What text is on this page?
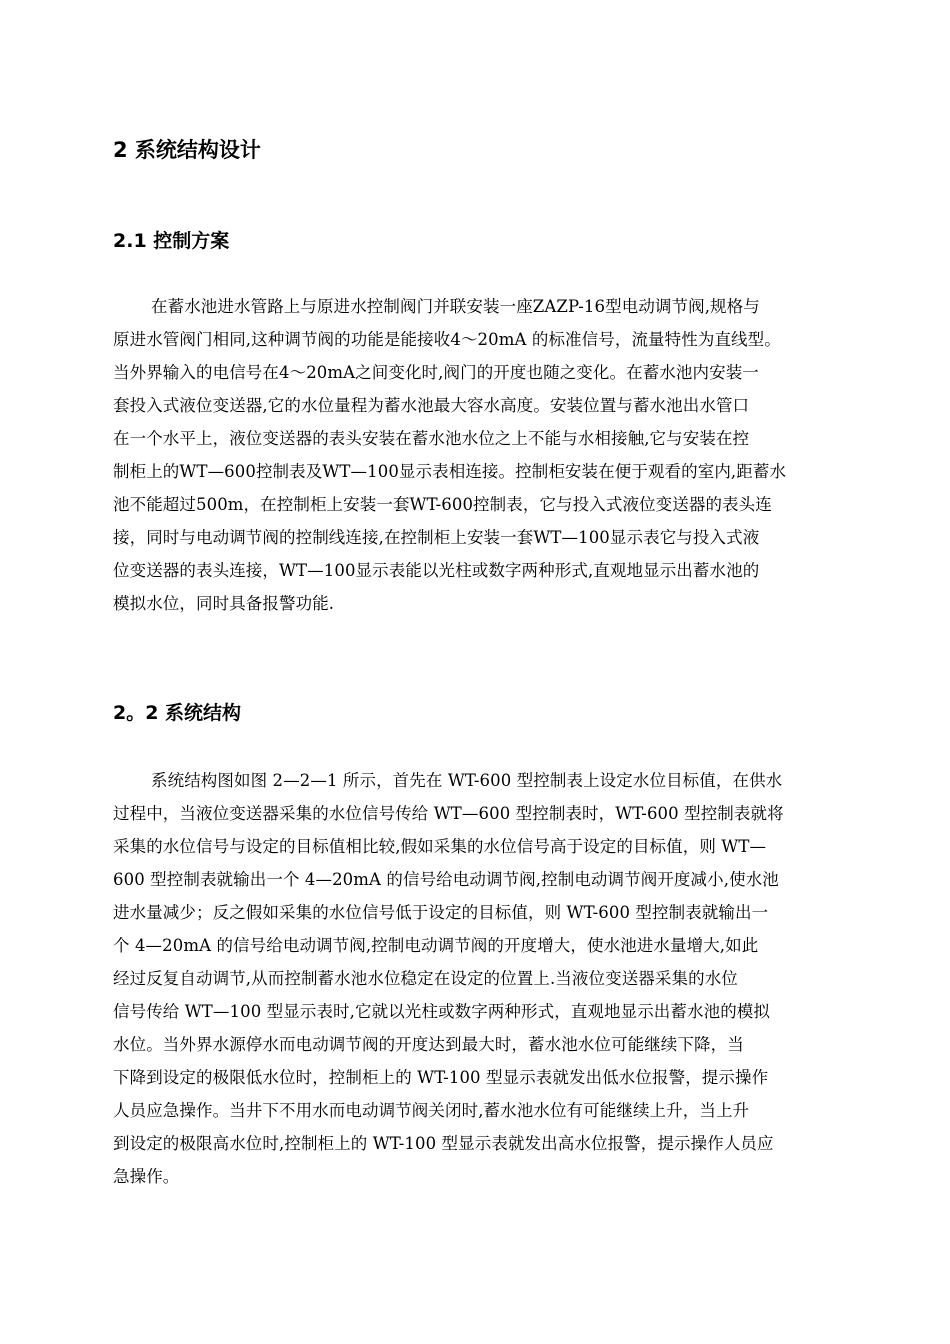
2 系统结构设计
2.1 控制方案
在蓄水池进水管路上与原进水控制阀门并联安装一座ZAZP-16型电动调节阀,规格与
原进水管阀门相同,这种调节阀的功能是能接收4～20mA 的标准信号，流量特性为直线型。
当外界输入的电信号在4～20mA之间变化时,阀门的开度也随之变化。在蓄水池内安装一
套投入式液位变送器,它的水位量程为蓄水池最大容水高度。安装位置与蓄水池出水管口
在一个水平上，液位变送器的表头安装在蓄水池水位之上不能与水相接触,它与安装在控
制柜上的WT—600控制表及WT—100显示表相连接。控制柜安装在便于观看的室内,距蓄水
池不能超过500m，在控制柜上安装一套WT-600控制表，它与投入式液位变送器的表头连
接，同时与电动调节阀的控制线连接,在控制柜上安装一套WT—100显示表它与投入式液
位变送器的表头连接，WT—100显示表能以光柱或数字两种形式,直观地显示出蓄水池的
模拟水位，同时具备报警功能.
2。2 系统结构
系统结构图如图 2—2—1 所示，首先在 WT-600 型控制表上设定水位目标值，在供水
过程中，当液位变送器采集的水位信号传给 WT—600 型控制表时，WT-600 型控制表就将
采集的水位信号与设定的目标值相比较,假如采集的水位信号高于设定的目标值，则 WT—
600 型控制表就输出一个 4—20mA 的信号给电动调节阀,控制电动调节阀开度减小,使水池
进水量减少；反之假如采集的水位信号低于设定的目标值，则 WT-600 型控制表就输出一
个 4—20mA 的信号给电动调节阀,控制电动调节阀的开度增大，使水池进水量增大,如此
经过反复自动调节,从而控制蓄水池水位稳定在设定的位置上.当液位变送器采集的水位
信号传给 WT—100 型显示表时,它就以光柱或数字两种形式，直观地显示出蓄水池的模拟
水位。当外界水源停水而电动调节阀的开度达到最大时，蓄水池水位可能继续下降，当
下降到设定的极限低水位时，控制柜上的 WT-100 型显示表就发出低水位报警，提示操作
人员应急操作。当井下不用水而电动调节阀关闭时,蓄水池水位有可能继续上升，当上升
到设定的极限高水位时,控制柜上的 WT-100 型显示表就发出高水位报警，提示操作人员应
急操作。
